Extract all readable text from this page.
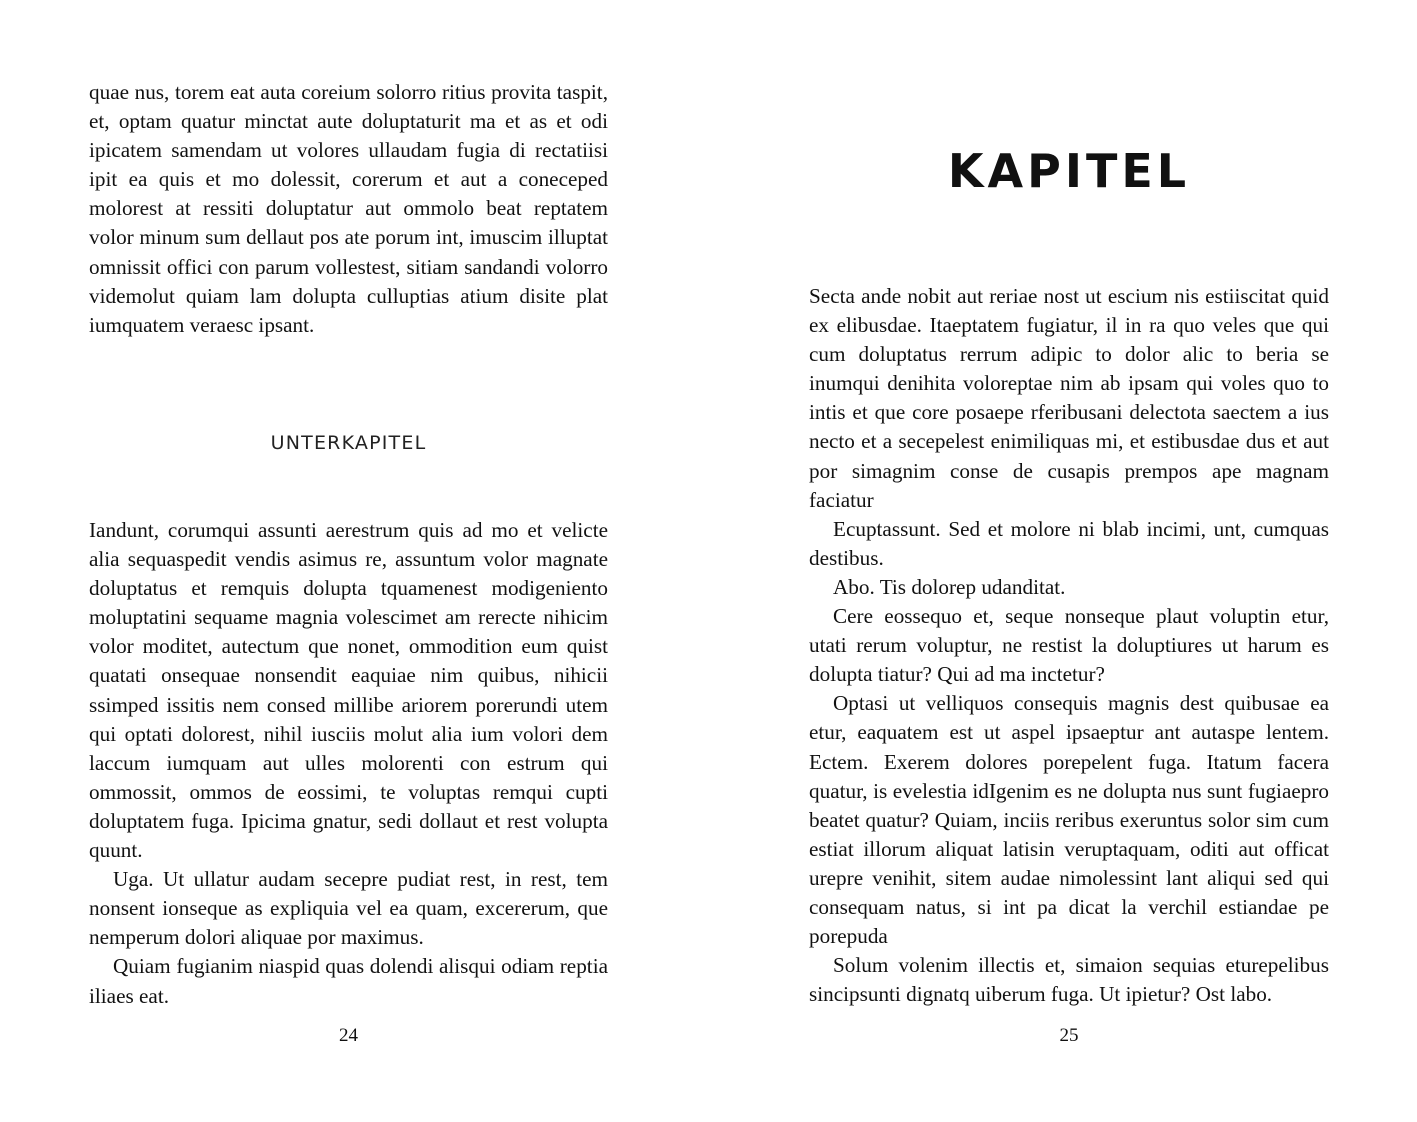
quae nus, torem eat auta coreium solorro ritius provita taspit, et, optam quatur minctat aute doluptaturit ma et as et odi ipicatem samendam ut volores ullaudam fugia di rectatiisi ipit ea quis et mo dolessit, corerum et aut a coneceped molorest at ressiti doluptatur aut ommolo beat reptatem volor minum sum dellaut pos ate porum int, imuscim illuptat omnissit offici con parum vollestest, sitiam sandandi volorro videmolut quiam lam dolupta culluptias atium disite plat iumquatem veraesc ipsant.

UNTERKAPITEL

Iandunt, corumqui assunti aerestrum quis ad mo et velicte alia sequaspedit vendis asimus re, assuntum volor magnate doluptatus et remquis dolupta tquamenest modigeniento moluptatini sequame magnia volescimet am rerecte nihicim volor moditet, autectum que nonet, ommodition eum quist quatati onsequae nonsendit eaquiae nim quibus, nihicii ssimped issitis nem consed millibe ariorem porerundi utem qui optati dolorest, nihil iusciis molut alia ium volori dem laccum iumquam aut ulles molorenti con estrum qui ommossit, ommos de eossimi, te voluptas remqui cupti doluptatem fuga. Ipicima gnatur, sedi dollaut et rest volupta quunt.

Uga. Ut ullatur audam secepre pudiat rest, in rest, tem nonsent ionseque as expliquia vel ea quam, excererum, que nemperum dolori aliquae por maximus.

Quiam fugianim niaspid quas dolendi alisqui odiam reptia iliaes eat.

24
KAPITEL

Secta ande nobit aut reriae nost ut escium nis estiiscitat quid ex elibusdae. Itaeptatem fugiatur, il in ra quo veles que qui cum doluptatus rerrum adipic to dolor alic to beria se inumqui denihita voloreptae nim ab ipsam qui voles quo to intis et que core posaepe rferibusani delectota saectem a ius necto et a secepelest enimiliquas mi, et estibusdae dus et aut por simagnim conse de cusapis prempos ape magnam faciatur

Ecuptassunt. Sed et molore ni blab incimi, unt, cumquas destibus.

Abo. Tis dolorep udanditat.

Cere eossequo et, seque nonseque plaut voluptin etur, utati rerum voluptur, ne restist la doluptiures ut harum es dolupta tiatur? Qui ad ma inctetur?

Optasi ut velliquos consequis magnis dest quibusae ea etur, eaquatem est ut aspel ipsaeptur ant autaspe lentem. Ectem. Exerem dolores porepelent fuga. Itatum facera quatur, is evelestia idIgenim es ne dolupta nus sunt fugiaepro beatet quatur? Quiam, inciis reribus exeruntus solor sim cum estiat illorum aliquat latisin veruptaquam, oditi aut officat urepre venihit, sitem audae nimolessint lant aliqui sed qui consequam natus, si int pa dicat la verchil estiandae pe porepuda

Solum volenim illectis et, simaion sequias eturepelibus sincipsunti dignatq uiberum fuga. Ut ipietur? Ost labo.

25
